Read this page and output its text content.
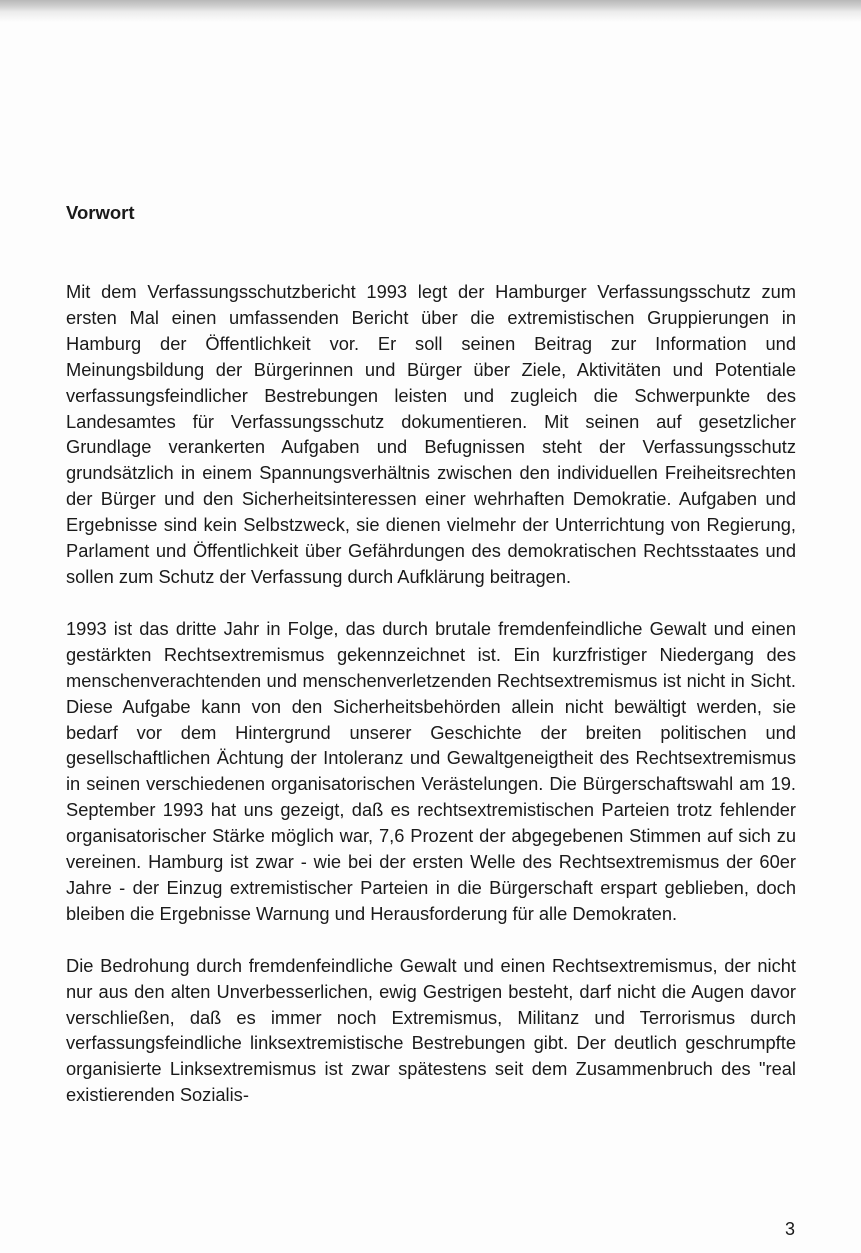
Vorwort

Mit dem Verfassungsschutzbericht 1993 legt der Hamburger Verfassungsschutz zum ersten Mal einen umfassenden Bericht über die extremistischen Gruppierungen in Hamburg der Öffentlichkeit vor. Er soll seinen Beitrag zur Information und Meinungsbildung der Bürgerinnen und Bürger über Ziele, Aktivitäten und Potentiale verfassungsfeindlicher Bestrebungen leisten und zugleich die Schwerpunkte des Landesamtes für Verfassungsschutz dokumentieren. Mit seinen auf gesetzlicher Grundlage verankerten Aufgaben und Befugnissen steht der Verfassungsschutz grundsätzlich in einem Spannungsverhältnis zwischen den individuellen Freiheitsrechten der Bürger und den Sicherheitsinteressen einer wehrhaften Demokratie. Aufgaben und Ergebnisse sind kein Selbstzweck, sie dienen vielmehr der Unterrichtung von Regierung, Parlament und Öffentlichkeit über Gefährdungen des demokratischen Rechtsstaates und sollen zum Schutz der Verfassung durch Aufklärung beitragen.

1993 ist das dritte Jahr in Folge, das durch brutale fremdenfeindliche Gewalt und einen gestärkten Rechtsextremismus gekennzeichnet ist. Ein kurzfristiger Niedergang des menschenverachtenden und menschenverletzenden Rechtsextremismus ist nicht in Sicht. Diese Aufgabe kann von den Sicherheitsbehörden allein nicht bewältigt werden, sie bedarf vor dem Hintergrund unserer Geschichte der breiten politischen und gesellschaftlichen Ächtung der Intoleranz und Gewaltgeneigtheit des Rechtsextremismus in seinen verschiedenen organisatorischen Verästelungen. Die Bürgerschaftswahl am 19. September 1993 hat uns gezeigt, daß es rechtsextremistischen Parteien trotz fehlender organisatorischer Stärke möglich war, 7,6 Prozent der abgegebenen Stimmen auf sich zu vereinen. Hamburg ist zwar - wie bei der ersten Welle des Rechtsextremismus der 60er Jahre - der Einzug extremistischer Parteien in die Bürgerschaft erspart geblieben, doch bleiben die Ergebnisse Warnung und Herausforderung für alle Demokraten.

Die Bedrohung durch fremdenfeindliche Gewalt und einen Rechtsextremismus, der nicht nur aus den alten Unverbesserlichen, ewig Gestrigen besteht, darf nicht die Augen davor verschließen, daß es immer noch Extremismus, Militanz und Terrorismus durch verfassungsfeindliche linksextremistische Bestrebungen gibt. Der deutlich geschrumpfte organisierte Linksextremismus ist zwar spätestens seit dem Zusammenbruch des "real existierenden Sozialis-

3
